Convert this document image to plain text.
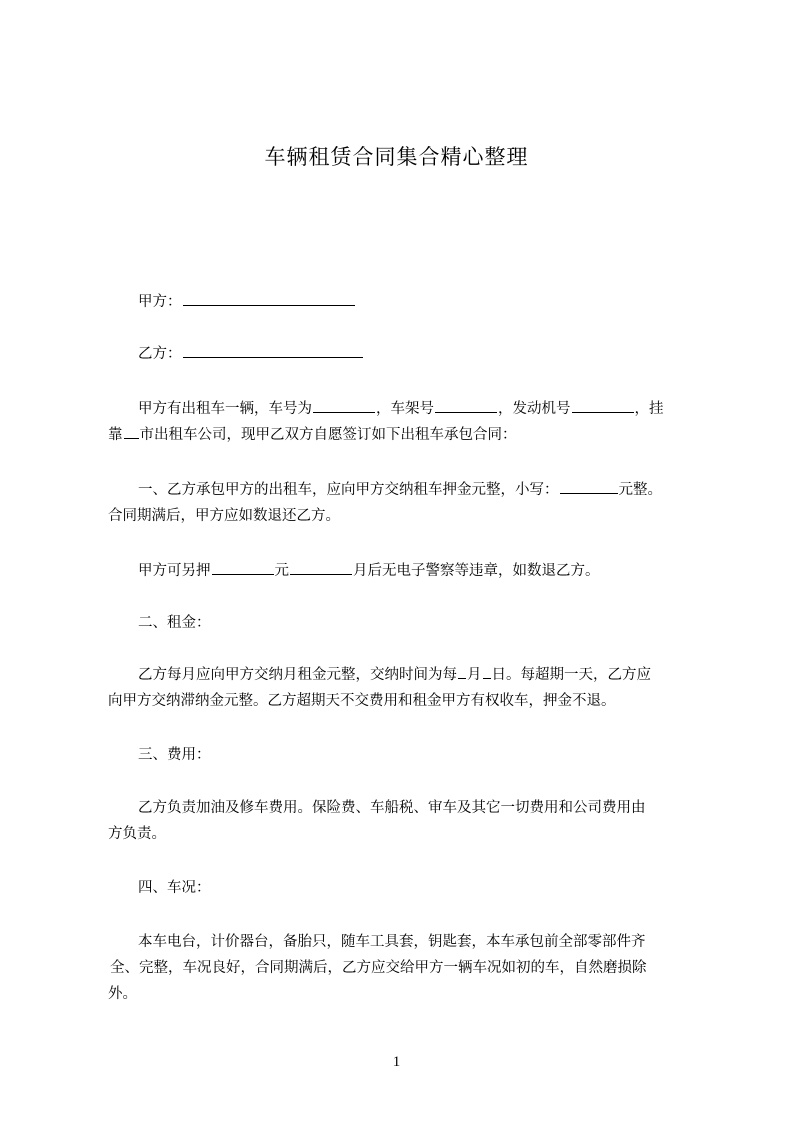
车辆租赁合同集合精心整理
甲方：
乙方：
甲方有出租车一辆，车号为	，车架号	，发动机号	，挂
靠 市出租车公司，现甲乙双方自愿签订如下出租车承包合同：
一、乙方承包甲方的出租车，应向甲方交纳租车押金元整，小写：	元整。
合同期满后，甲方应如数退还乙方。
甲方可另押	元	月后无电子警察等违章，如数退乙方。
二、租金：
乙方每月应向甲方交纳月租金元整，交纳时间为每 月 日。每超期一天，乙方应
向甲方交纳滞纳金元整。乙方超期天不交费用和租金甲方有权收车，押金不退。
三、费用：
乙方负责加油及修车费用。保险费、车船税、审车及其它一切费用和公司费用由
方负责。
四、车况：
本车电台，计价器台，备胎只，随车工具套，钥匙套，本车承包前全部零部件齐
全、完整，车况良好，合同期满后，乙方应交给甲方一辆车况如初的车，自然磨损除
外。
1
